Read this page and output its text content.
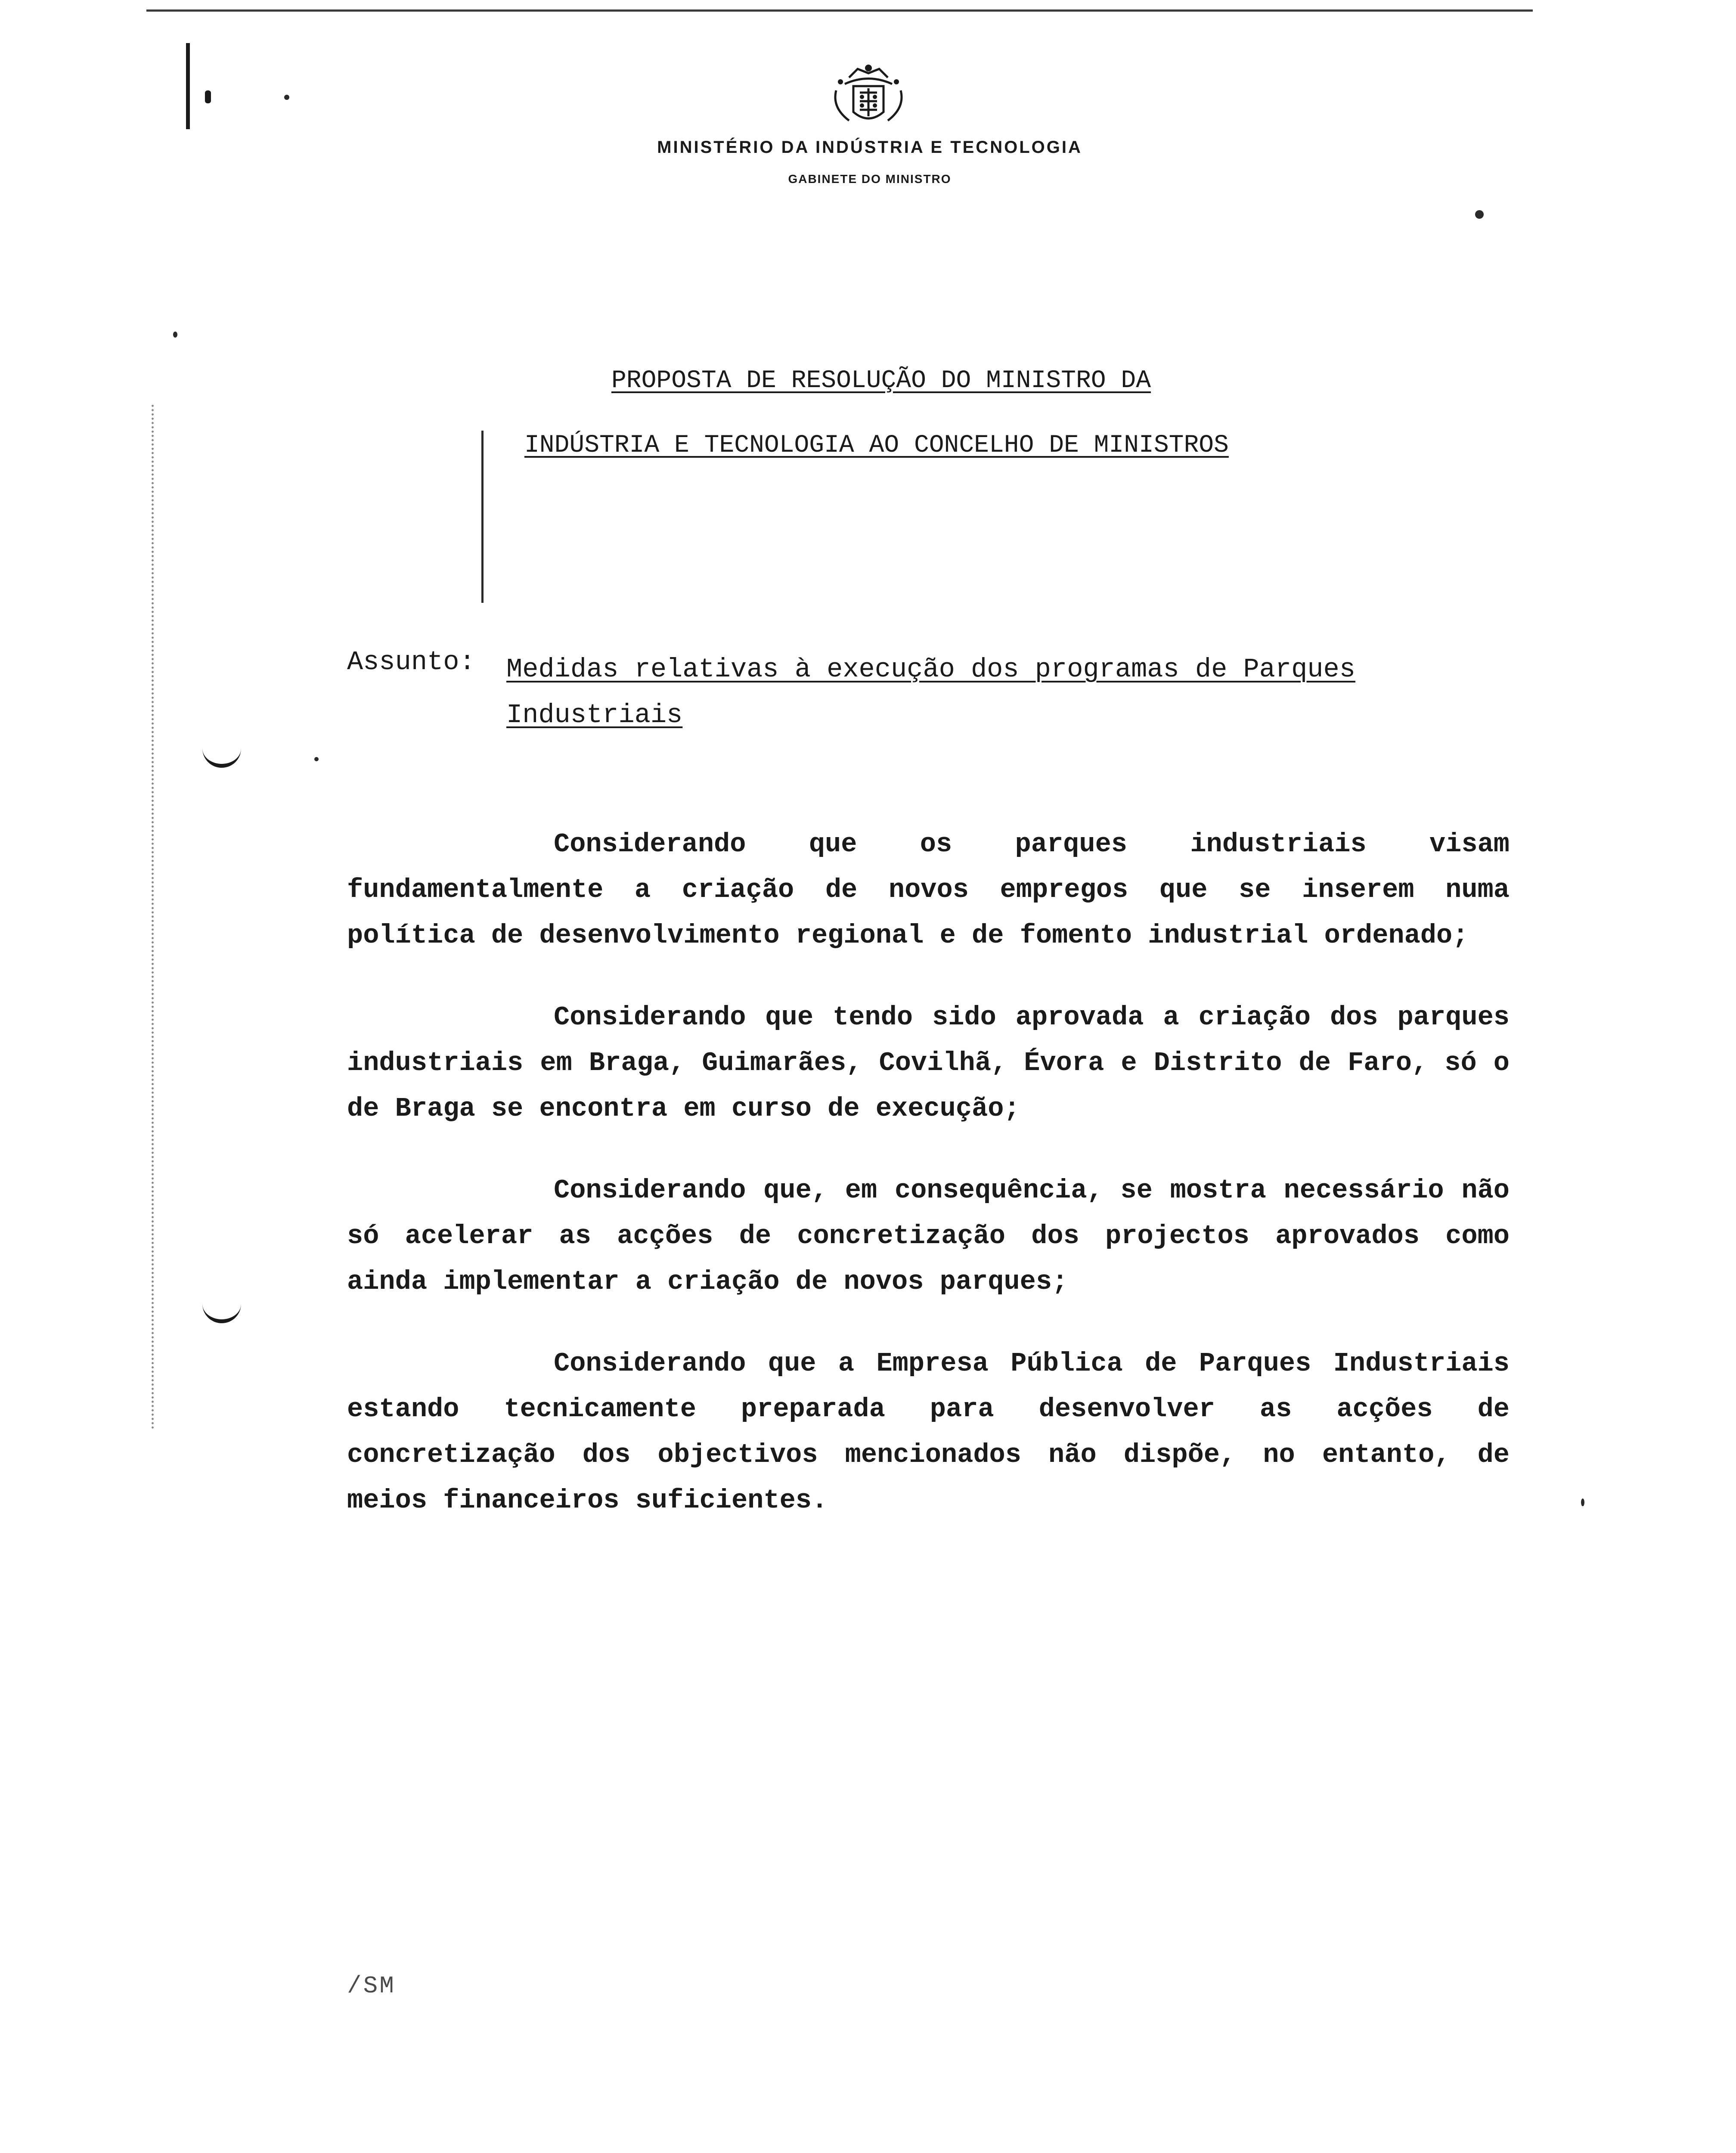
MINISTÉRIO DA INDÚSTRIA E TECNOLOGIA
GABINETE DO MINISTRO
PROPOSTA DE RESOLUÇÃO DO MINISTRO DA
INDÚSTRIA E TECNOLOGIA AO CONCELHO DE MINISTROS
Assunto: Medidas relativas à execução dos programas de Parques Industriais
Considerando que os parques industriais visam fundamentalmente a criação de novos empregos que se inserem numa política de desenvolvimento regional e de fomento industrial ordenado;
Considerando que tendo sido aprovada a criação dos parques industriais em Braga, Guimarães, Covilhã, Évora e Distrito de Faro, só o de Braga se encontra em curso de execução;
Considerando que, em consequência, se mostra necessário não só acelerar as acções de concretização dos projectos aprovados como ainda implementar a criação de novos parques;
Considerando que a Empresa Pública de Parques Industriais estando tecnicamente preparada para desenvolver as acções de concretização dos objectivos mencionados não dispõe, no entanto, de meios financeiros suficientes.
/SM
